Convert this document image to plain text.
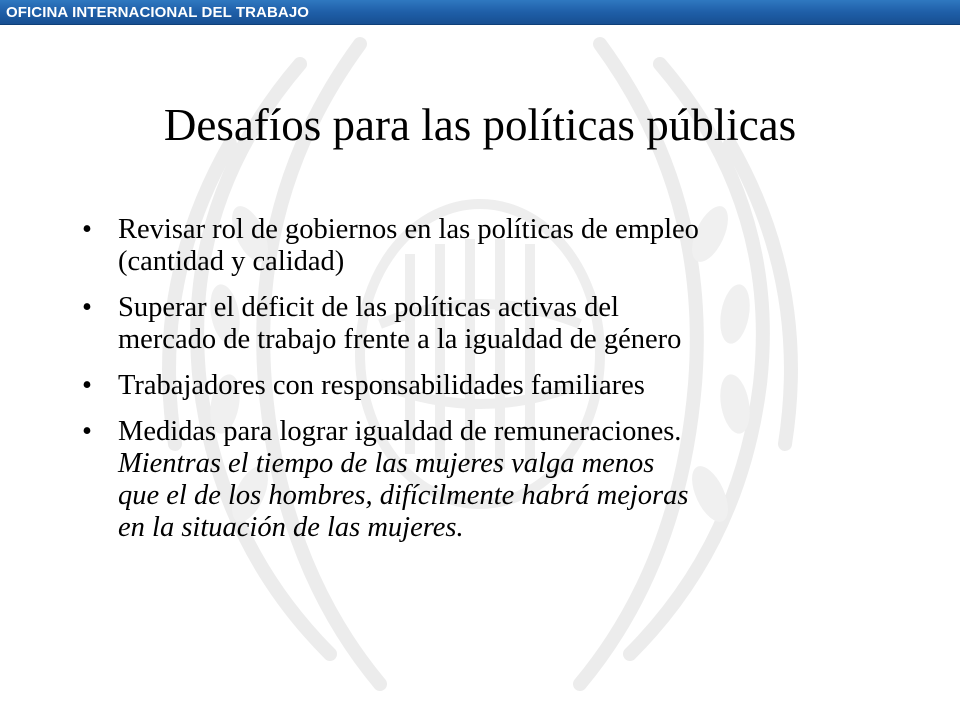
OFICINA INTERNACIONAL DEL TRABAJO
Desafíos para las políticas públicas
• Revisar rol de gobiernos en las políticas de empleo
(cantidad y calidad)
• Superar el déficit de las políticas activas del
mercado de trabajo frente a la igualdad de género
• Trabajadores con responsabilidades familiares
• Medidas para lograr igualdad de remuneraciones.
Mientras el tiempo de las mujeres valga menos
que el de los hombres, difícilmente habrá mejoras
en la situación de las mujeres.
